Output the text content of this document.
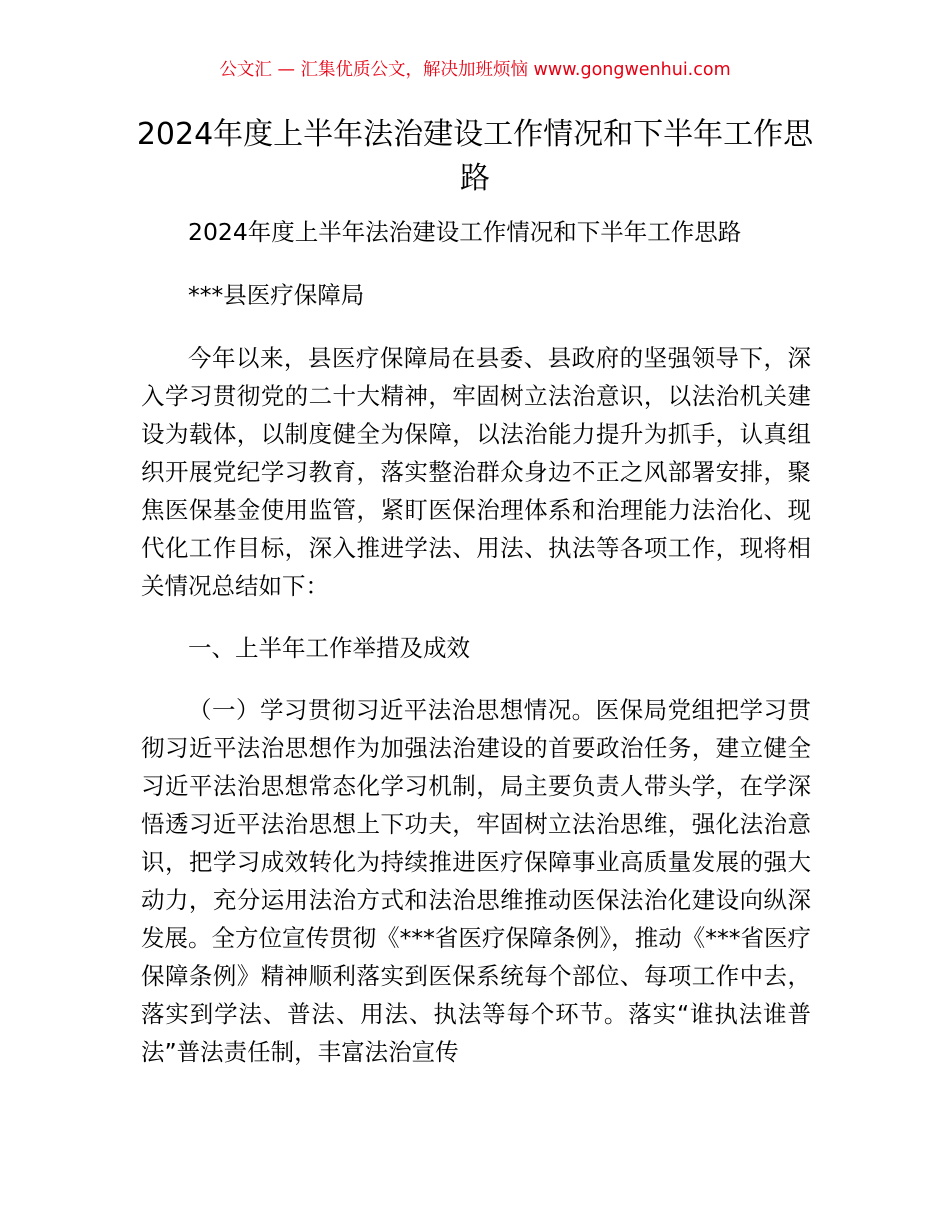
公文汇 — 汇集优质公文，解决加班烦恼 www.gongwenhui.com
2024年度上半年法治建设工作情况和下半年工作思路

2024年度上半年法治建设工作情况和下半年工作思路

***县医疗保障局

今年以来，县医疗保障局在县委、县政府的坚强领导下，深入学习贯彻党的二十大精神，牢固树立法治意识，以法治机关建设为载体，以制度健全为保障，以法治能力提升为抓手，认真组织开展党纪学习教育，落实整治群众身边不正之风部署安排，聚焦医保基金使用监管，紧盯医保治理体系和治理能力法治化、现代化工作目标，深入推进学法、用法、执法等各项工作，现将相关情况总结如下：

一、上半年工作举措及成效

（一）学习贯彻习近平法治思想情况。医保局党组把学习贯彻习近平法治思想作为加强法治建设的首要政治任务，建立健全习近平法治思想常态化学习机制，局主要负责人带头学，在学深悟透习近平法治思想上下功夫，牢固树立法治思维，强化法治意识，把学习成效转化为持续推进医疗保障事业高质量发展的强大动力，充分运用法治方式和法治思维推动医保法治化建设向纵深发展。全方位宣传贯彻《***省医疗保障条例》，推动《***省医疗保障条例》精神顺利落实到医保系统每个部位、每项工作中去，落实到学法、普法、用法、执法等每个环节。落实“谁执法谁普法”普法责任制，丰富法治宣传
